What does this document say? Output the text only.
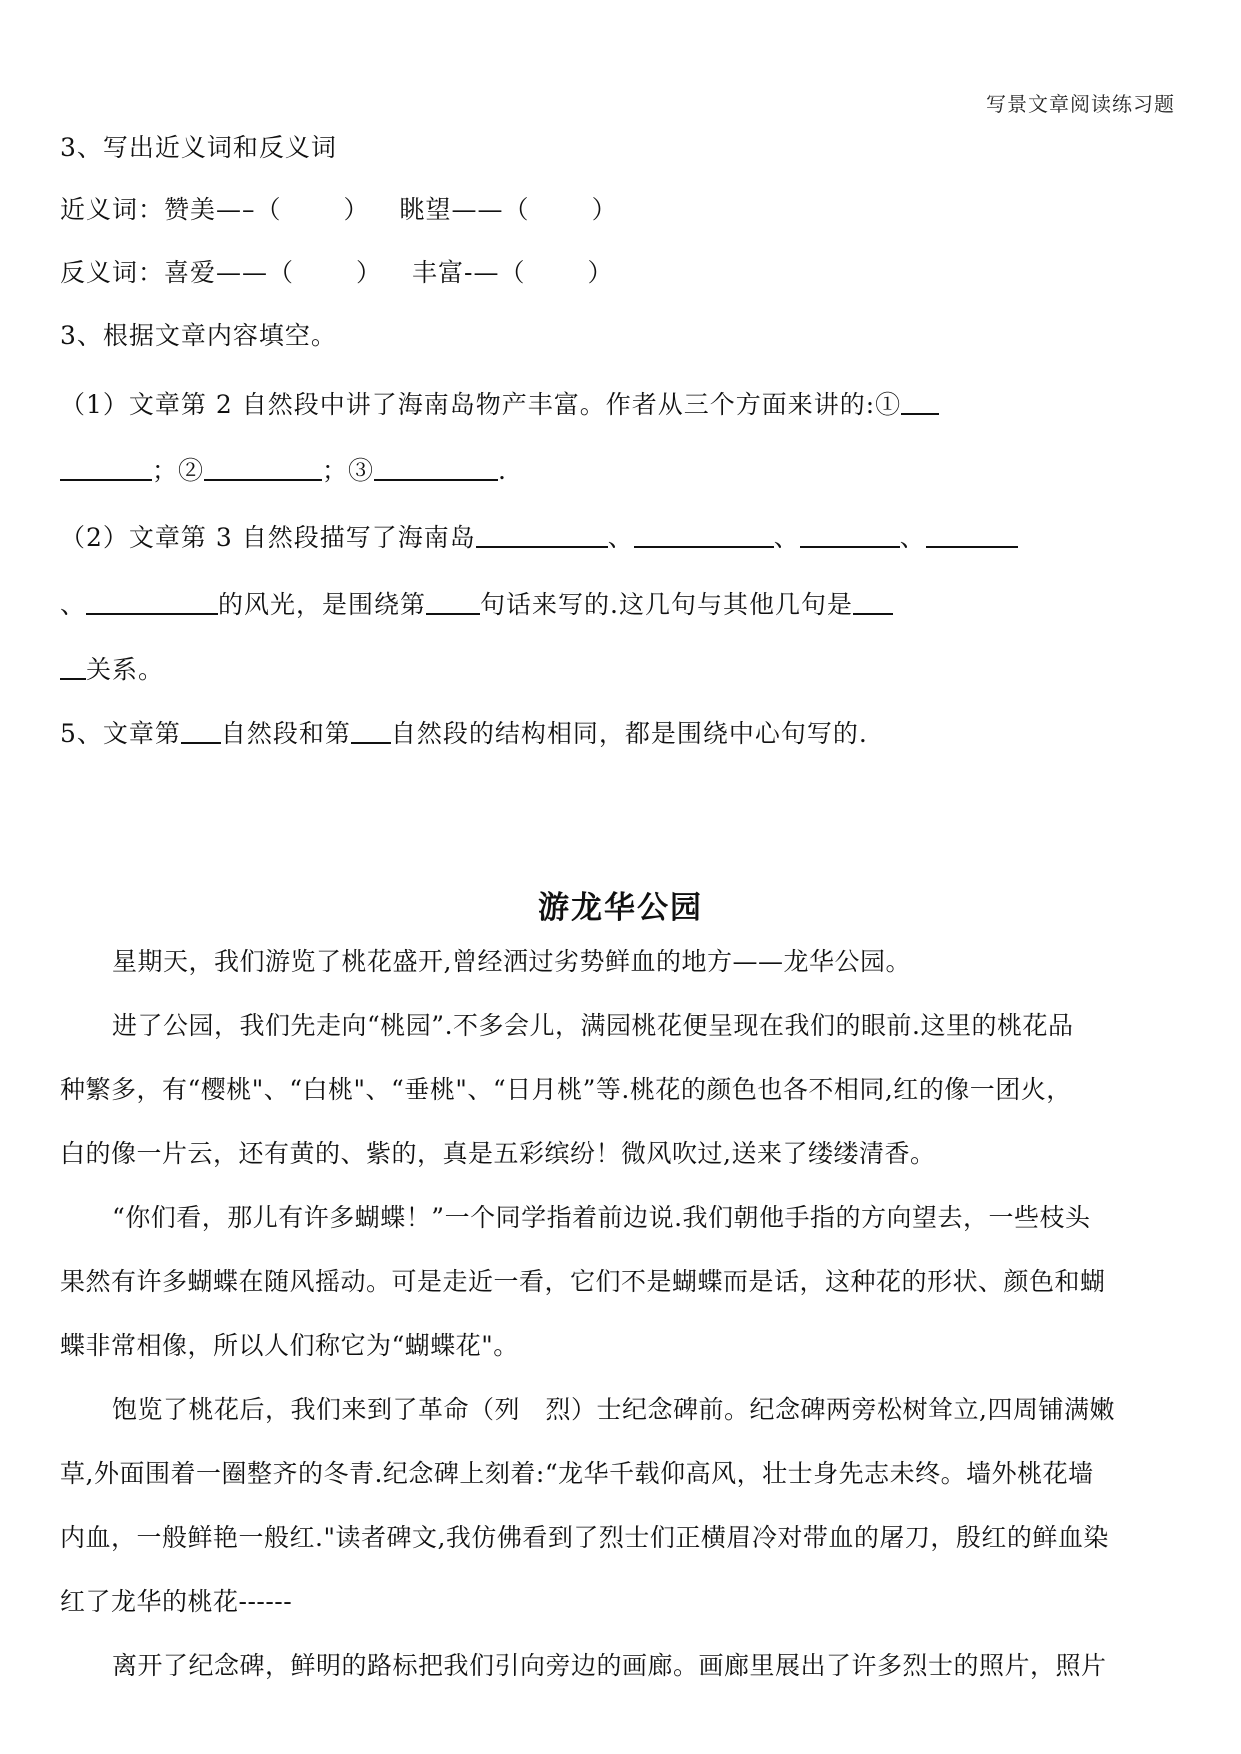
写景文章阅读练习题
3、写出近义词和反义词
近义词：赞美—–（ ） 眺望——（ ）
反义词：喜爱——（ ） 丰富-—（ ）
3、根据文章内容填空。
（1）文章第 2 自然段中讲了海南岛物产丰富。作者从三个方面来讲的:①
；②	；③	.
（2）文章第 3 自然段描写了海南岛	、	、	、
、	的风光，是围绕第 句话来写的.这几句与其他几句是
关系。
5、文章第 自然段和第 自然段的结构相同，都是围绕中心句写的.
游龙华公园
星期天，我们游览了桃花盛开,曾经洒过劣势鲜血的地方——龙华公园。
进了公园，我们先走向“桃园”.不多会儿，满园桃花便呈现在我们的眼前.这里的桃花品
种繁多，有“樱桃"、“白桃"、“垂桃"、“日月桃”等.桃花的颜色也各不相同,红的像一团火，
白的像一片云，还有黄的、紫的，真是五彩缤纷！微风吹过,送来了缕缕清香。
“你们看，那儿有许多蝴蝶！”一个同学指着前边说.我们朝他手指的方向望去，一些枝头
果然有许多蝴蝶在随风摇动。可是走近一看，它们不是蝴蝶而是话，这种花的形状、颜色和蝴
蝶非常相像，所以人们称它为“蝴蝶花"。
饱览了桃花后，我们来到了革命（列　烈）士纪念碑前。纪念碑两旁松树耸立,四周铺满嫩
草,外面围着一圈整齐的冬青.纪念碑上刻着:“龙华千载仰高风，壮士身先志未终。墙外桃花墙
内血，一般鲜艳一般红."读者碑文,我仿佛看到了烈士们正横眉冷对带血的屠刀，殷红的鲜血染
红了龙华的桃花------
离开了纪念碑，鲜明的路标把我们引向旁边的画廊。画廊里展出了许多烈士的照片，照片
